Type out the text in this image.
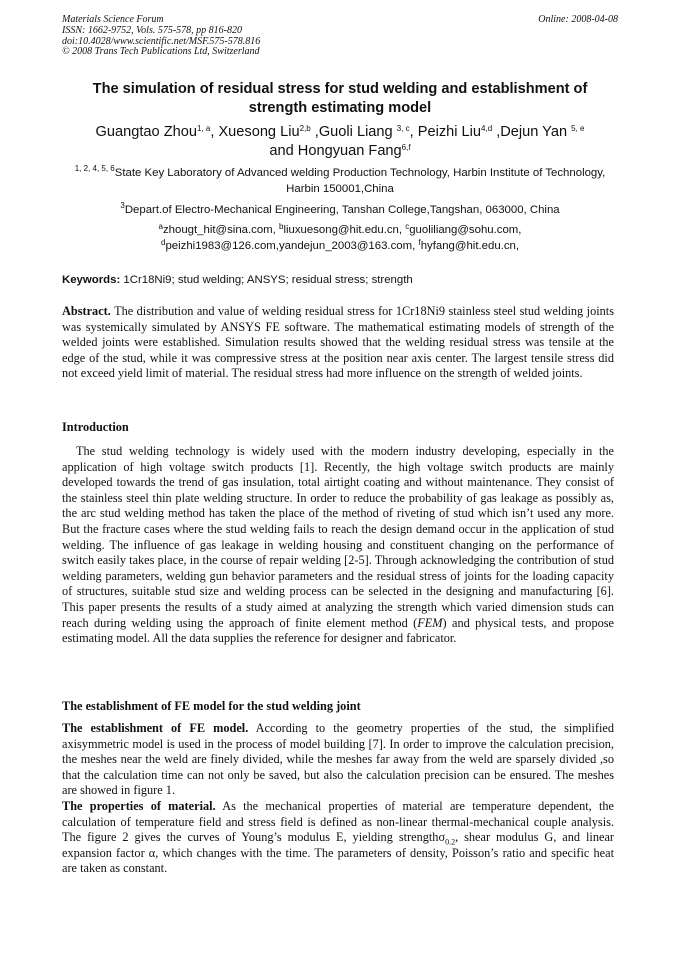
Materials Science Forum
ISSN: 1662-9752, Vols. 575-578, pp 816-820
doi:10.4028/www.scientific.net/MSF.575-578.816
© 2008 Trans Tech Publications Ltd, Switzerland
Online: 2008-04-08
The simulation of residual stress for stud welding and establishment of strength estimating model
Guangtao Zhou$^{1, a}$, Xuesong Liu$^{2,b}$ ,Guoli Liang $^{3, c}$, Peizhi Liu$^{4,d}$ ,Dejun Yan $^{5, e}$
and Hongyuan Fang$^{6,f}$
$^{1, 2, 4, 5, 6}$State Key Laboratory of Advanced welding Production Technology, Harbin Institute of Technology, Harbin 150001,China
$^3$Depart.of Electro-Mechanical Engineering, Tanshan College,Tangshan, 063000, China
$^a$zhougt_hit@sina.com, $^b$liuxuesong@hit.edu.cn, $^c$guoliliang@sohu.com,
$^d$peizhi1983@126.com,yandejun_2003@163.com, $^f$hyfang@hit.edu.cn,
Keywords: 1Cr18Ni9; stud welding; ANSYS; residual stress; strength
Abstract. The distribution and value of welding residual stress for 1Cr18Ni9 stainless steel stud welding joints was systemically simulated by ANSYS FE software. The mathematical estimating models of strength of the welded joints were established. Simulation results showed that the welding residual stress was tensile at the edge of the stud, while it was compressive stress at the position near axis center. The largest tensile stress did not exceed yield limit of material. The residual stress had more influence on the strength of welded joints.
Introduction
The stud welding technology is widely used with the modern industry developing, especially in the application of high voltage switch products [1]. Recently, the high voltage switch products are mainly developed towards the trend of gas insulation, total airtight coating and without maintenance. They consist of the stainless steel thin plate welding structure. In order to reduce the probability of gas leakage as possibly as, the arc stud welding method has taken the place of the method of riveting of stud which isn’t used any more. But the fracture cases where the stud welding fails to reach the design demand occur in the application of stud welding. The influence of gas leakage in welding housing and constituent changing on the performance of switch easily takes place, in the course of repair welding [2-5]. Through acknowledging the contribution of stud welding parameters, welding gun behavior parameters and the residual stress of joints for the loading capacity of structures, suitable stud size and welding process can be selected in the designing and manufacturing [6]. This paper presents the results of a study aimed at analyzing the strength which varied dimension studs can reach during welding using the approach of finite element method (FEM) and physical tests, and propose estimating model. All the data supplies the reference for designer and fabricator.
The establishment of FE model for the stud welding joint
The establishment of FE model. According to the geometry properties of the stud, the simplified axisymmetric model is used in the process of model building [7]. In order to improve the calculation precision, the meshes near the weld are finely divided, while the meshes far away from the weld are sparsely divided ,so that the calculation time can not only be saved, but also the calculation precision can be ensured. The meshes are showed in figure 1.
The properties of material. As the mechanical properties of material are temperature dependent, the calculation of temperature field and stress field is defined as non-linear thermal-mechanical couple analysis. The figure 2 gives the curves of Young’s modulus E, yielding strengthσ$_{0.2}$, shear modulus G, and linear expansion factor α, which changes with the time. The parameters of density, Poisson’s ratio and specific heat are taken as constant.
